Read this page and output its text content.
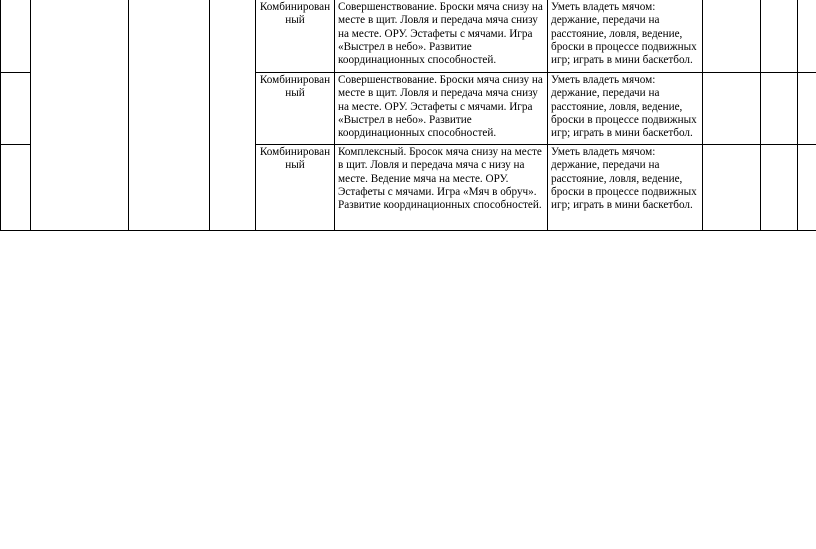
				Комбинированный	Совершенствование. Броски мяча снизу на месте в щит. Ловля и передача мяча снизу на месте. ОРУ. Эстафеты с мячами. Игра «Выстрел в небо». Развитие координационных способностей.	Уметь владеть мячом: держание, передачи на расстояние, ловля, ведение, броски в процессе подвижных игр; играть в мини баскетбол.			
				Комбинированный	Совершенствование. Броски мяча снизу на месте в щит. Ловля и передача мяча снизу на месте. ОРУ. Эстафеты с мячами. Игра «Выстрел в небо». Развитие координационных способностей.	Уметь владеть мячом: держание, передачи на расстояние, ловля, ведение, броски в процессе подвижных игр; играть в мини баскетбол.			
				Комбинированный	Комплексный. Бросок мяча снизу на месте в щит. Ловля и передача мяча с низу на месте. Ведение мяча на месте. ОРУ. Эстафеты с мячами. Игра «Мяч в обруч». Развитие координационных способностей.	Уметь владеть мячом: держание, передачи на расстояние, ловля, ведение, броски в процессе подвижных игр; играть в мини баскетбол.			
